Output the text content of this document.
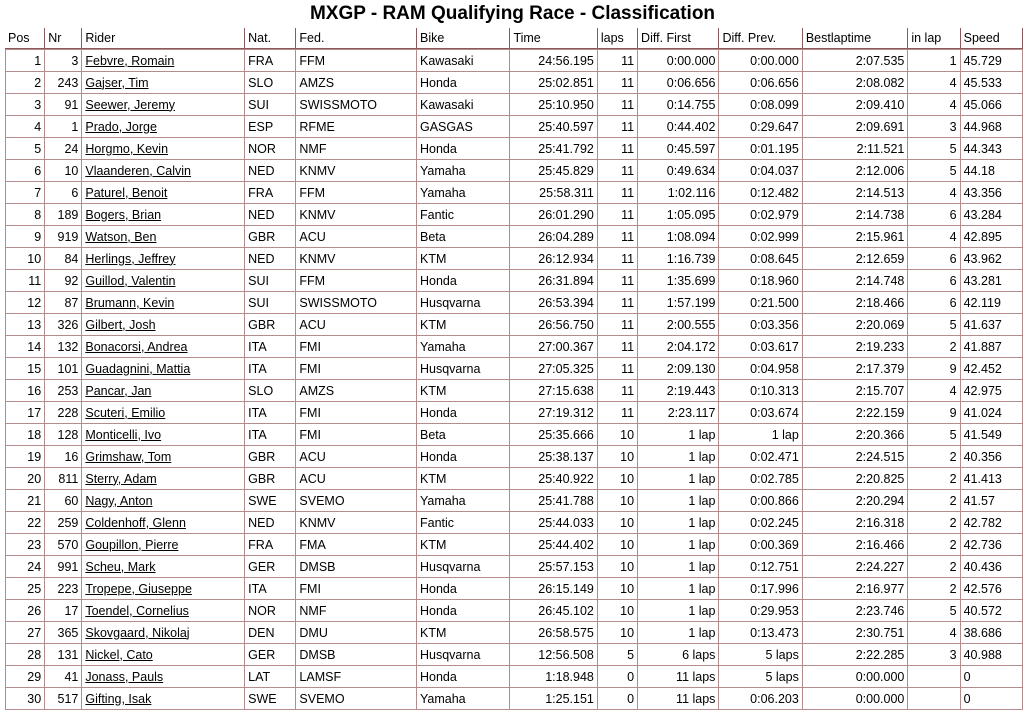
MXGP - RAM Qualifying Race - Classification
Pos	Nr	Rider	Nat.	Fed.	Bike	Time	laps	Diff. First	Diff. Prev.	Bestlaptime	in lap	Speed
1	3	Febvre, Romain	FRA	FFM	Kawasaki	24:56.195	11	0:00.000	0:00.000	2:07.535	1	45.729
2	243	Gajser, Tim	SLO	AMZS	Honda	25:02.851	11	0:06.656	0:06.656	2:08.082	4	45.533
3	91	Seewer, Jeremy	SUI	SWISSMOTO	Kawasaki	25:10.950	11	0:14.755	0:08.099	2:09.410	4	45.066
4	1	Prado, Jorge	ESP	RFME	GASGAS	25:40.597	11	0:44.402	0:29.647	2:09.691	3	44.968
5	24	Horgmo, Kevin	NOR	NMF	Honda	25:41.792	11	0:45.597	0:01.195	2:11.521	5	44.343
6	10	Vlaanderen, Calvin	NED	KNMV	Yamaha	25:45.829	11	0:49.634	0:04.037	2:12.006	5	44.18
7	6	Paturel, Benoit	FRA	FFM	Yamaha	25:58.311	11	1:02.116	0:12.482	2:14.513	4	43.356
8	189	Bogers, Brian	NED	KNMV	Fantic	26:01.290	11	1:05.095	0:02.979	2:14.738	6	43.284
9	919	Watson, Ben	GBR	ACU	Beta	26:04.289	11	1:08.094	0:02.999	2:15.961	4	42.895
10	84	Herlings, Jeffrey	NED	KNMV	KTM	26:12.934	11	1:16.739	0:08.645	2:12.659	6	43.962
11	92	Guillod, Valentin	SUI	FFM	Honda	26:31.894	11	1:35.699	0:18.960	2:14.748	6	43.281
12	87	Brumann, Kevin	SUI	SWISSMOTO	Husqvarna	26:53.394	11	1:57.199	0:21.500	2:18.466	6	42.119
13	326	Gilbert, Josh	GBR	ACU	KTM	26:56.750	11	2:00.555	0:03.356	2:20.069	5	41.637
14	132	Bonacorsi, Andrea	ITA	FMI	Yamaha	27:00.367	11	2:04.172	0:03.617	2:19.233	2	41.887
15	101	Guadagnini, Mattia	ITA	FMI	Husqvarna	27:05.325	11	2:09.130	0:04.958	2:17.379	9	42.452
16	253	Pancar, Jan	SLO	AMZS	KTM	27:15.638	11	2:19.443	0:10.313	2:15.707	4	42.975
17	228	Scuteri, Emilio	ITA	FMI	Honda	27:19.312	11	2:23.117	0:03.674	2:22.159	9	41.024
18	128	Monticelli, Ivo	ITA	FMI	Beta	25:35.666	10	1 lap	1 lap	2:20.366	5	41.549
19	16	Grimshaw, Tom	GBR	ACU	Honda	25:38.137	10	1 lap	0:02.471	2:24.515	2	40.356
20	811	Sterry, Adam	GBR	ACU	KTM	25:40.922	10	1 lap	0:02.785	2:20.825	2	41.413
21	60	Nagy, Anton	SWE	SVEMO	Yamaha	25:41.788	10	1 lap	0:00.866	2:20.294	2	41.57
22	259	Coldenhoff, Glenn	NED	KNMV	Fantic	25:44.033	10	1 lap	0:02.245	2:16.318	2	42.782
23	570	Goupillon, Pierre	FRA	FMA	KTM	25:44.402	10	1 lap	0:00.369	2:16.466	2	42.736
24	991	Scheu, Mark	GER	DMSB	Husqvarna	25:57.153	10	1 lap	0:12.751	2:24.227	2	40.436
25	223	Tropepe, Giuseppe	ITA	FMI	Honda	26:15.149	10	1 lap	0:17.996	2:16.977	2	42.576
26	17	Toendel, Cornelius	NOR	NMF	Honda	26:45.102	10	1 lap	0:29.953	2:23.746	5	40.572
27	365	Skovgaard, Nikolaj	DEN	DMU	KTM	26:58.575	10	1 lap	0:13.473	2:30.751	4	38.686
28	131	Nickel, Cato	GER	DMSB	Husqvarna	12:56.508	5	6 laps	5 laps	2:22.285	3	40.988
29	41	Jonass, Pauls	LAT	LAMSF	Honda	1:18.948	0	11 laps	5 laps	0:00.000		0
30	517	Gifting, Isak	SWE	SVEMO	Yamaha	1:25.151	0	11 laps	0:06.203	0:00.000		0
